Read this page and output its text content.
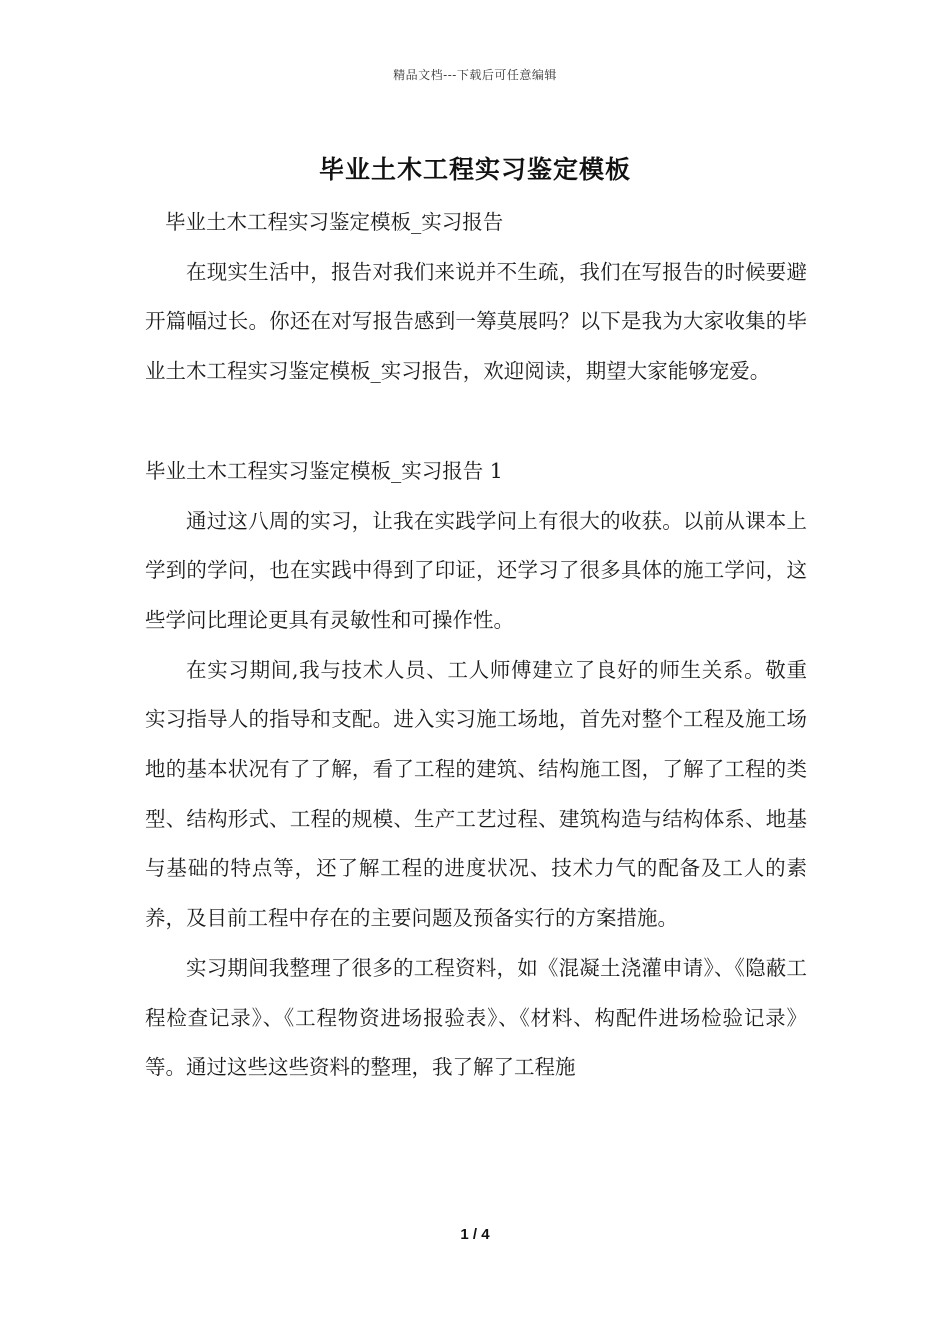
精品文档---下载后可任意编辑
毕业土木工程实习鉴定模板

毕业土木工程实习鉴定模板_实习报告

在现实生活中，报告对我们来说并不生疏，我们在写报告的时候要避开篇幅过长。你还在对写报告感到一筹莫展吗？以下是我为大家收集的毕业土木工程实习鉴定模板_实习报告，欢迎阅读，期望大家能够宠爱。

毕业土木工程实习鉴定模板_实习报告 1

通过这八周的实习，让我在实践学问上有很大的收获。以前从课本上学到的学问，也在实践中得到了印证，还学习了很多具体的施工学问，这些学问比理论更具有灵敏性和可操作性。

在实习期间,我与技术人员、工人师傅建立了良好的师生关系。敬重实习指导人的指导和支配。进入实习施工场地，首先对整个工程及施工场地的基本状况有了了解，看了工程的建筑、结构施工图，了解了工程的类型、结构形式、工程的规模、生产工艺过程、建筑构造与结构体系、地基与基础的特点等，还了解工程的进度状况、技术力气的配备及工人的素养，及目前工程中存在的主要问题及预备实行的方案措施。

实习期间我整理了很多的工程资料，如《混凝土浇灌申请》、《隐蔽工程检查记录》、《工程物资进场报验表》、《材料、构配件进场检验记录》等。通过这些这些资料的整理，我了解了工程施

1 / 4
